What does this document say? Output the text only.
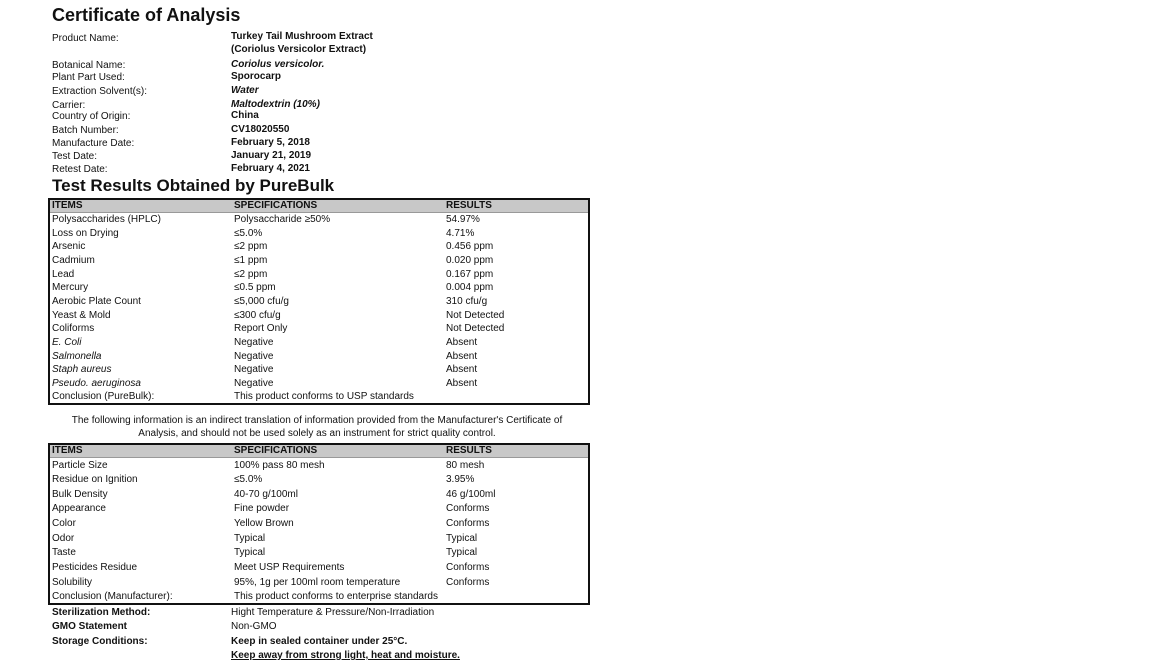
Certificate of Analysis
Product Name:	Turkey Tail Mushroom Extract
(Coriolus Versicolor Extract)
Botanical Name:	Coriolus versicolor.
Plant Part Used:	Sporocarp
Extraction Solvent(s):	Water
Carrier:	Maltodextrin (10%)
Country of Origin:	China
Batch Number:	CV18020550
Manufacture Date:	February 5, 2018
Test Date:	January 21, 2019
Retest Date:	February 4, 2021
Test Results Obtained by PureBulk
ITEMS	SPECIFICATIONS	RESULTS
Polysaccharides (HPLC)	Polysaccharide ≥50%	54.97%
Loss on Drying	≤5.0%	4.71%
Arsenic	≤2 ppm	0.456 ppm
Cadmium	≤1 ppm	0.020 ppm
Lead	≤2 ppm	0.167 ppm
Mercury	≤0.5 ppm	0.004 ppm
Aerobic Plate Count	≤5,000 cfu/g	310 cfu/g
Yeast & Mold	≤300 cfu/g	Not Detected
Coliforms	Report Only	Not Detected
E. Coli	Negative	Absent
Salmonella	Negative	Absent
Staph aureus	Negative	Absent
Pseudo. aeruginosa	Negative	Absent
Conclusion (PureBulk):	This product conforms to USP standards	
The following information is an indirect translation of information provided from the Manufacturer's Certificate of Analysis, and should not be used solely as an instrument for strict quality control.
ITEMS	SPECIFICATIONS	RESULTS
Particle Size	100% pass 80 mesh	80 mesh
Residue on Ignition	≤5.0%	3.95%
Bulk Density	40-70 g/100ml	46 g/100ml
Appearance	Fine powder	Conforms
Color	Yellow Brown	Conforms
Odor	Typical	Typical
Taste	Typical	Typical
Pesticides Residue	Meet USP Requirements	Conforms
Solubility	95%, 1g per 100ml room temperature	Conforms
Conclusion (Manufacturer):	This product conforms to enterprise standards	
Sterilization Method:	Hight Temperature & Pressure/Non-Irradiation
GMO Statement	Non-GMO
Storage Conditions:	Keep in sealed container under 25°C.
Keep away from strong light, heat and moisture.
